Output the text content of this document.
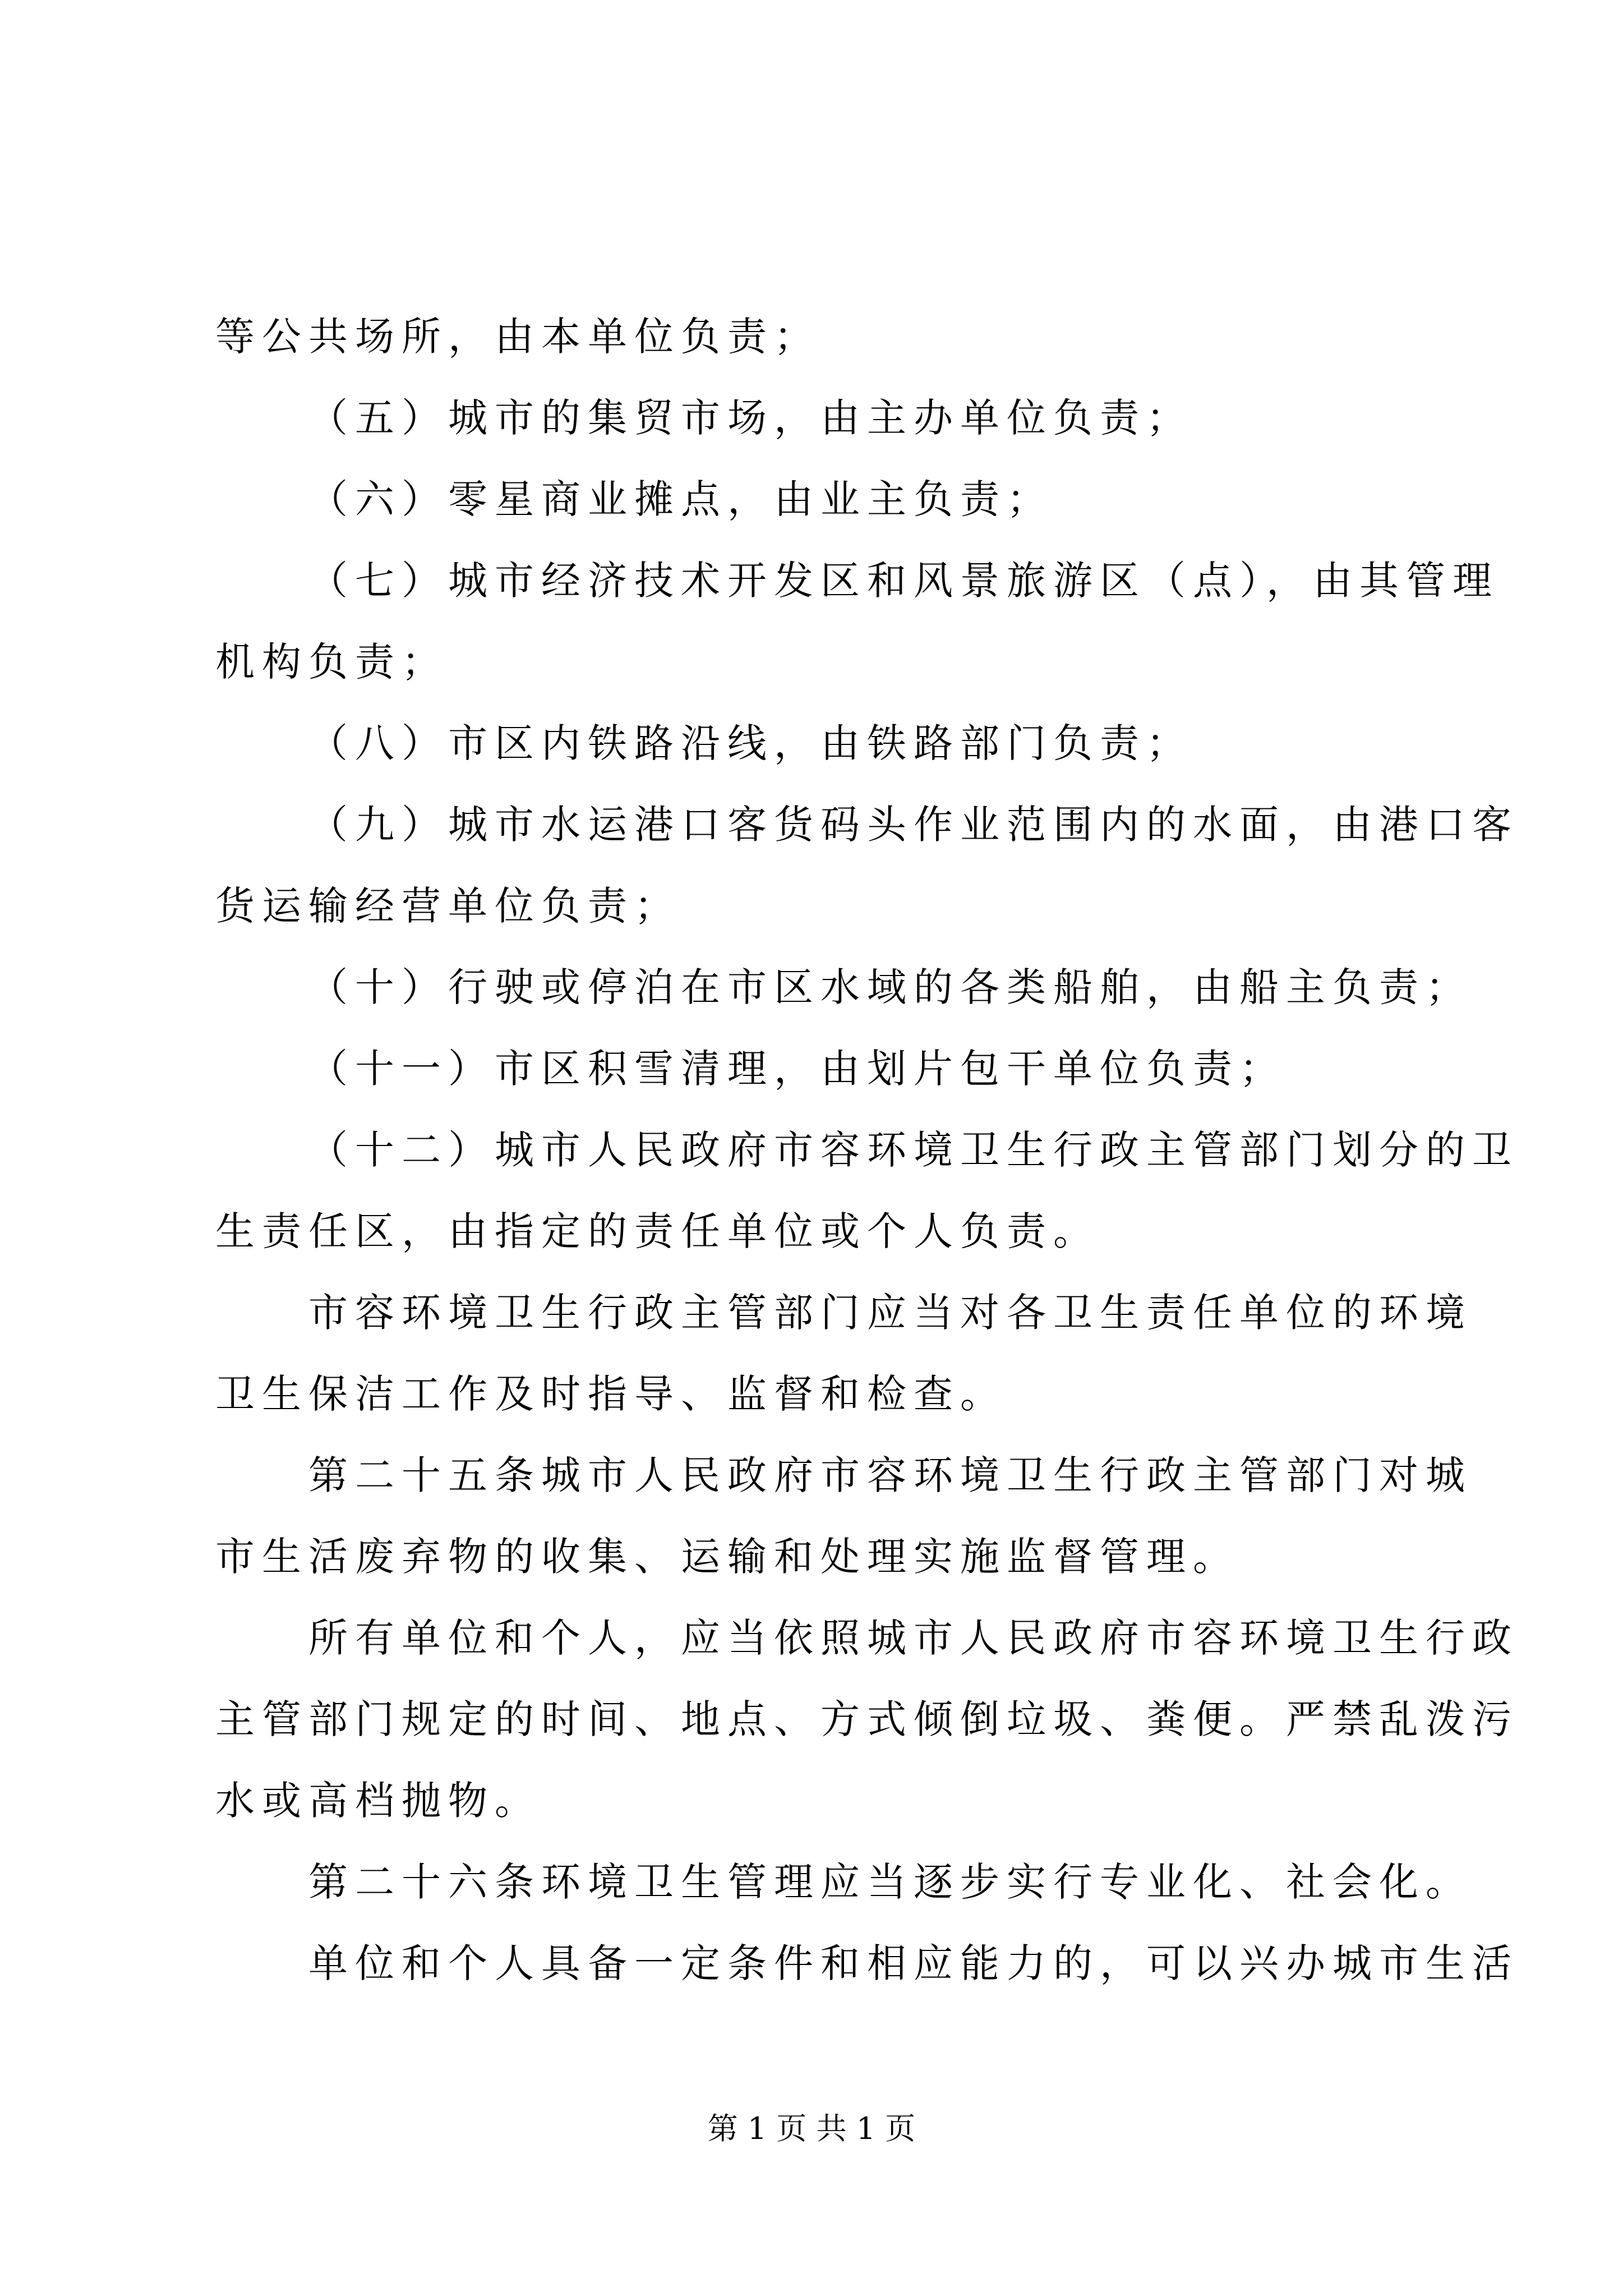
等公共场所，由本单位负责；
（五）城市的集贸市场，由主办单位负责；
（六）零星商业摊点，由业主负责；
（七）城市经济技术开发区和风景旅游区（点），由其管理
机构负责；
（八）市区内铁路沿线，由铁路部门负责；
（九）城市水运港口客货码头作业范围内的水面，由港口客
货运输经营单位负责；
（十）行驶或停泊在市区水域的各类船舶，由船主负责；
（十一）市区积雪清理，由划片包干单位负责；
（十二）城市人民政府市容环境卫生行政主管部门划分的卫
生责任区，由指定的责任单位或个人负责。
市容环境卫生行政主管部门应当对各卫生责任单位的环境
卫生保洁工作及时指导、监督和检查。
第二十五条城市人民政府市容环境卫生行政主管部门对城
市生活废弃物的收集、运输和处理实施监督管理。
所有单位和个人，应当依照城市人民政府市容环境卫生行政
主管部门规定的时间、地点、方式倾倒垃圾、粪便。严禁乱泼污
水或高档抛物。
第二十六条环境卫生管理应当逐步实行专业化、社会化。
单位和个人具备一定条件和相应能力的，可以兴办城市生活
第 1 页 共 1 页
